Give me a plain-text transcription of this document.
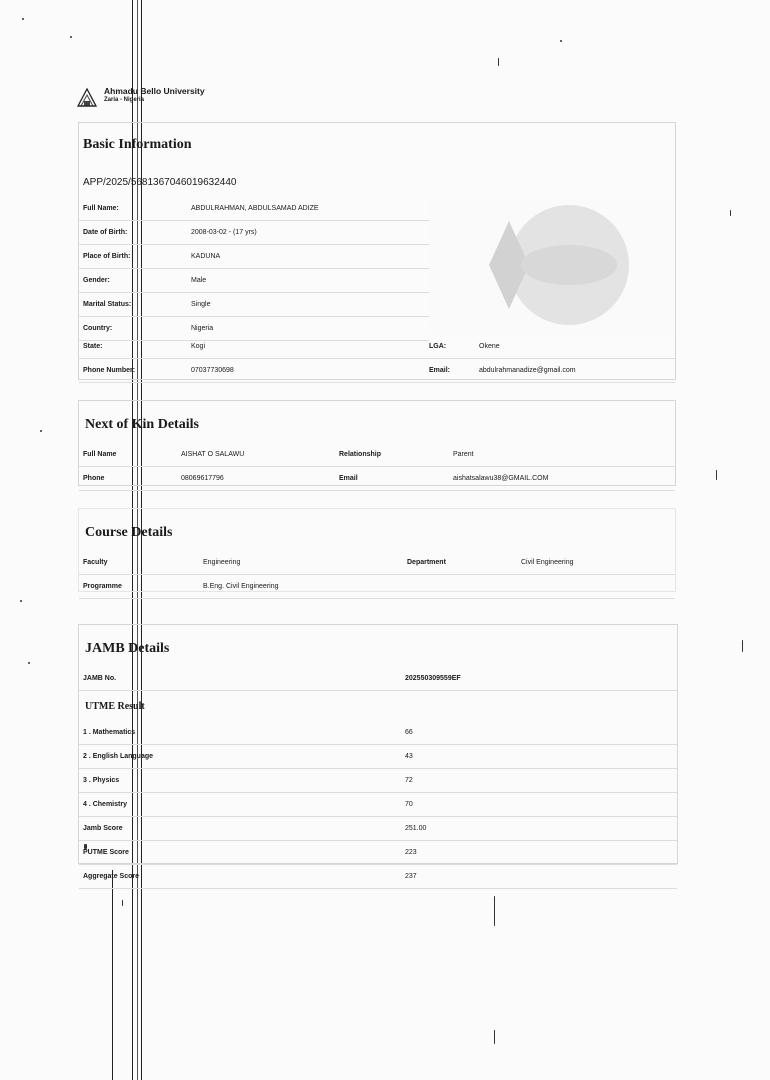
Ahmadu Bello University
Zaria - Nigeria
Basic Information
APP/2025/5681367046019632440
Full Name:	ABDULRAHMAN, ABDULSAMAD ADIZE
Date of Birth:	2008-03-02 - (17 yrs)
Place of Birth:	KADUNA
Gender:	Male
Marital Status:	Single
Country:	Nigeria
State:	Kogi	LGA:	Okene
Phone Number:	07037730698	Email:	abdulrahmanadize@gmail.com
Next of Kin Details
Full Name	AISHAT O SALAWU	Relationship	Parent
Phone	08069617796	Email	aishatsalawu38@GMAIL.COM
Course Details
Faculty	Engineering	Department	Civil Engineering
Programme	B.Eng. Civil Engineering		
JAMB Details
JAMB No.	202550309559EF
UTME Result
1 . Mathematics	66
2 . English Language	43
3 . Physics	72
4 . Chemistry	70
Jamb Score	251.00
PUTME Score	223
Aggregate Score	237
